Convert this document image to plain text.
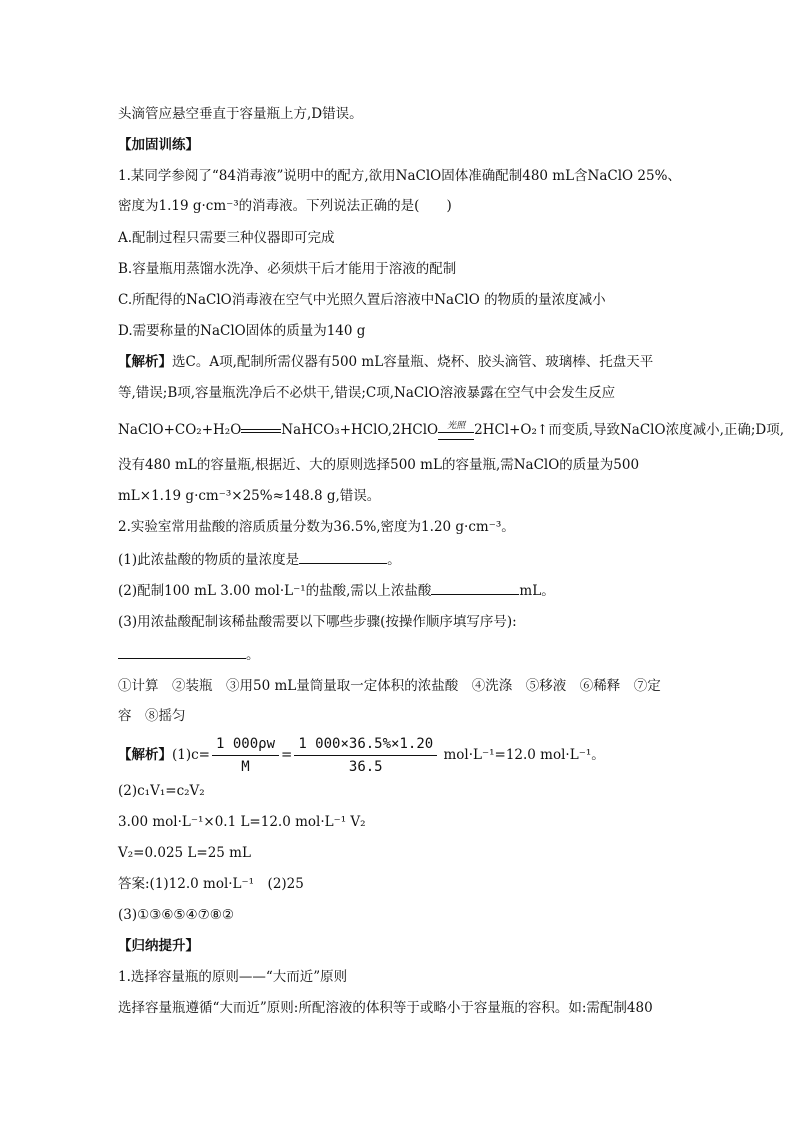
头滴管应悬空垂直于容量瓶上方,D错误。
【加固训练】
1.某同学参阅了“84消毒液”说明中的配方,欲用NaClO固体准确配制480 mL含NaClO 25%、
密度为1.19 g·cm⁻³的消毒液。下列说法正确的是(　　)
A.配制过程只需要三种仪器即可完成
B.容量瓶用蒸馏水洗净、必须烘干后才能用于溶液的配制
C.所配得的NaClO消毒液在空气中光照久置后溶液中NaClO 的物质的量浓度减小
D.需要称量的NaClO固体的质量为140 g
【解析】选C。A项,配制所需仪器有500 mL容量瓶、烧杯、胶头滴管、玻璃棒、托盘天平
等,错误;B项,容量瓶洗净后不必烘干,错误;C项,NaClO溶液暴露在空气中会发生反应
NaClO+CO₂+H₂O	NaHCO₃+HClO,2HClO 光照 2HCl+O₂↑而变质,导致NaClO浓度减小,正确;D项,
没有480 mL的容量瓶,根据近、大的原则选择500 mL的容量瓶,需NaClO的质量为500
mL×1.19 g·cm⁻³×25%≈148.8 g,错误。
2.实验室常用盐酸的溶质质量分数为36.5%,密度为1.20 g·cm⁻³。
(1)此浓盐酸的物质的量浓度是	。
(2)配制100 mL 3.00 mol·L⁻¹的盐酸,需以上浓盐酸	mL。
(3)用浓盐酸配制该稀盐酸需要以下哪些步骤(按操作顺序填写序号):
。
①计算　②装瓶　③用50 mL量筒量取一定体积的浓盐酸　④洗涤　⑤移液　⑥稀释　⑦定
容　⑧摇匀
【解析】$(1)c= \frac{1 000\rho w}{M} = \frac{1 000\times 36.5\%\times 1.20}{36.5} mol\cdot L^{-1}=12.0$ mol·L⁻¹。
(2)c₁V₁=c₂V₂
3.00 mol·L⁻¹×0.1 L=12.0 mol·L⁻¹ V₂
V₂=0.025 L=25 mL
答案:(1)12.0 mol·L⁻¹　(2)25
(3)①③⑥⑤④⑦⑧②
【归纳提升】
1.选择容量瓶的原则——“大而近”原则
选择容量瓶遵循“大而近”原则:所配溶液的体积等于或略小于容量瓶的容积。如:需配制480
